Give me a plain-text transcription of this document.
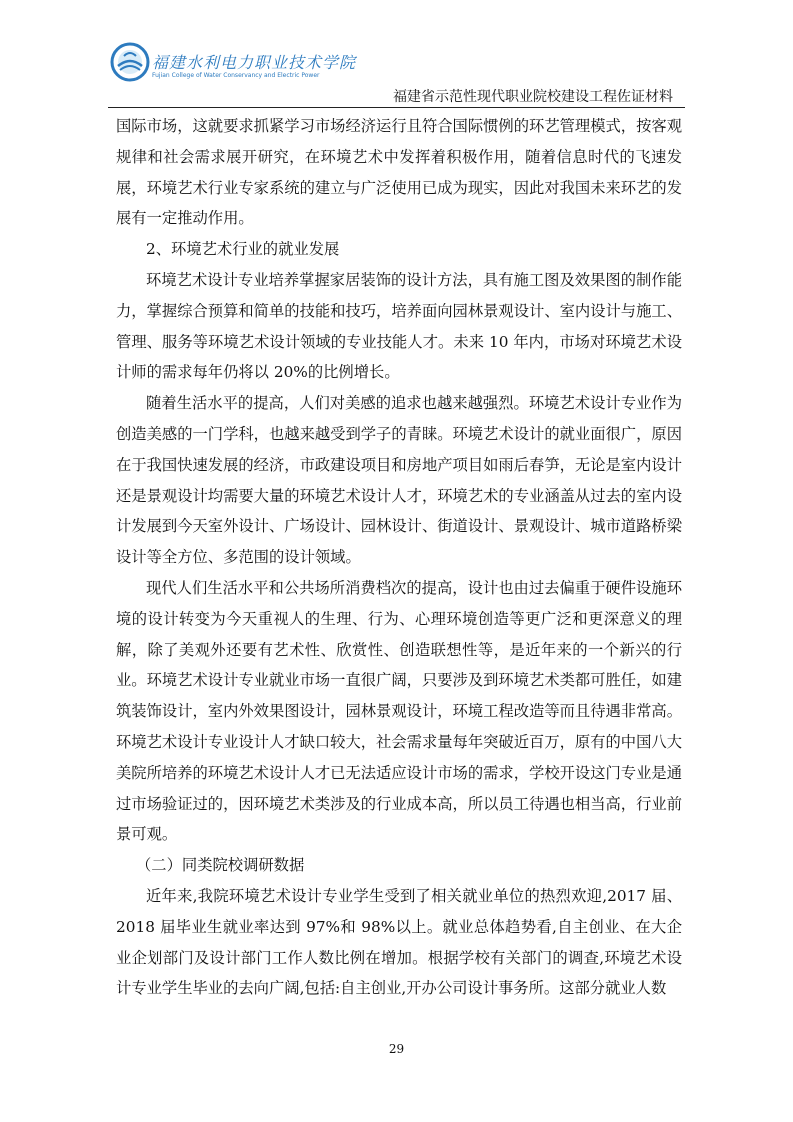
福建水利电力职业技术学院
Fujian College of Water Conservancy and Electric Power
福建省示范性现代职业院校建设工程佐证材料

国际市场，这就要求抓紧学习市场经济运行且符合国际惯例的环艺管理模式，按客观规律和社会需求展开研究，在环境艺术中发挥着积极作用，随着信息时代的飞速发展，环境艺术行业专家系统的建立与广泛使用已成为现实，因此对我国未来环艺的发展有一定推动作用。

2、环境艺术行业的就业发展

环境艺术设计专业培养掌握家居装饰的设计方法，具有施工图及效果图的制作能力，掌握综合预算和简单的技能和技巧，培养面向园林景观设计、室内设计与施工、管理、服务等环境艺术设计领域的专业技能人才。未来 10 年内，市场对环境艺术设计师的需求每年仍将以 20%的比例增长。

随着生活水平的提高，人们对美感的追求也越来越强烈。环境艺术设计专业作为创造美感的一门学科，也越来越受到学子的青睐。环境艺术设计的就业面很广，原因在于我国快速发展的经济，市政建设项目和房地产项目如雨后春笋，无论是室内设计还是景观设计均需要大量的环境艺术设计人才，环境艺术的专业涵盖从过去的室内设计发展到今天室外设计、广场设计、园林设计、街道设计、景观设计、城市道路桥梁设计等全方位、多范围的设计领域。

现代人们生活水平和公共场所消费档次的提高，设计也由过去偏重于硬件设施环境的设计转变为今天重视人的生理、行为、心理环境创造等更广泛和更深意义的理解，除了美观外还要有艺术性、欣赏性、创造联想性等，是近年来的一个新兴的行业。环境艺术设计专业就业市场一直很广阔，只要涉及到环境艺术类都可胜任，如建筑装饰设计，室内外效果图设计，园林景观设计，环境工程改造等而且待遇非常高。环境艺术设计专业设计人才缺口较大，社会需求量每年突破近百万，原有的中国八大美院所培养的环境艺术设计人才已无法适应设计市场的需求，学校开设这门专业是通过市场验证过的，因环境艺术类涉及的行业成本高，所以员工待遇也相当高，行业前景可观。

（二）同类院校调研数据

近年来,我院环境艺术设计专业学生受到了相关就业单位的热烈欢迎,2017 届、2018 届毕业生就业率达到 97%和 98%以上。就业总体趋势看,自主创业、在大企业企划部门及设计部门工作人数比例在增加。根据学校有关部门的调查,环境艺术设计专业学生毕业的去向广阔,包括:自主创业,开办公司设计事务所。这部分就业人数

29
